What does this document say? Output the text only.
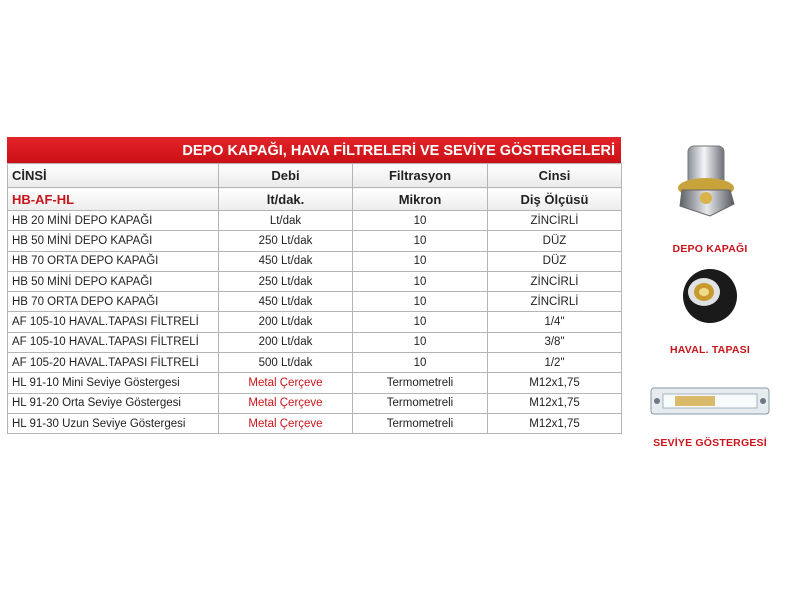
DEPO KAPAĞI, HAVA FİLTRELERİ VE SEVİYE GÖSTERGELERİ
CİNSİ	Debi	Filtrasyon	Cinsi
HB-AF-HL	lt/dak.	Mikron	Diş Ölçüsü
HB 20 MİNİ DEPO KAPAĞI	Lt/dak	10	ZİNCİRLİ
HB 50 MİNİ DEPO KAPAĞI	250 Lt/dak	10	DÜZ
HB 70 ORTA DEPO KAPAĞI	450 Lt/dak	10	DÜZ
HB 50 MİNİ DEPO KAPAĞI	250 Lt/dak	10	ZİNCİRLİ
HB 70 ORTA DEPO KAPAĞI	450 Lt/dak	10	ZİNCİRLİ
AF 105-10 HAVAL.TAPASI FİLTRELİ	200 Lt/dak	10	1/4"
AF 105-10 HAVAL.TAPASI FİLTRELİ	200 Lt/dak	10	3/8"
AF 105-20 HAVAL.TAPASI FİLTRELİ	500 Lt/dak	10	1/2"
HL 91-10 Mini Seviye Göstergesi	Metal Çerçeve	Termometreli	M12x1,75
HL 91-20 Orta Seviye Göstergesi	Metal Çerçeve	Termometreli	M12x1,75
HL 91-30 Uzun Seviye Göstergesi	Metal Çerçeve	Termometreli	M12x1,75
DEPO KAPAĞI
HAVAL. TAPASI
SEVİYE GÖSTERGESİ
